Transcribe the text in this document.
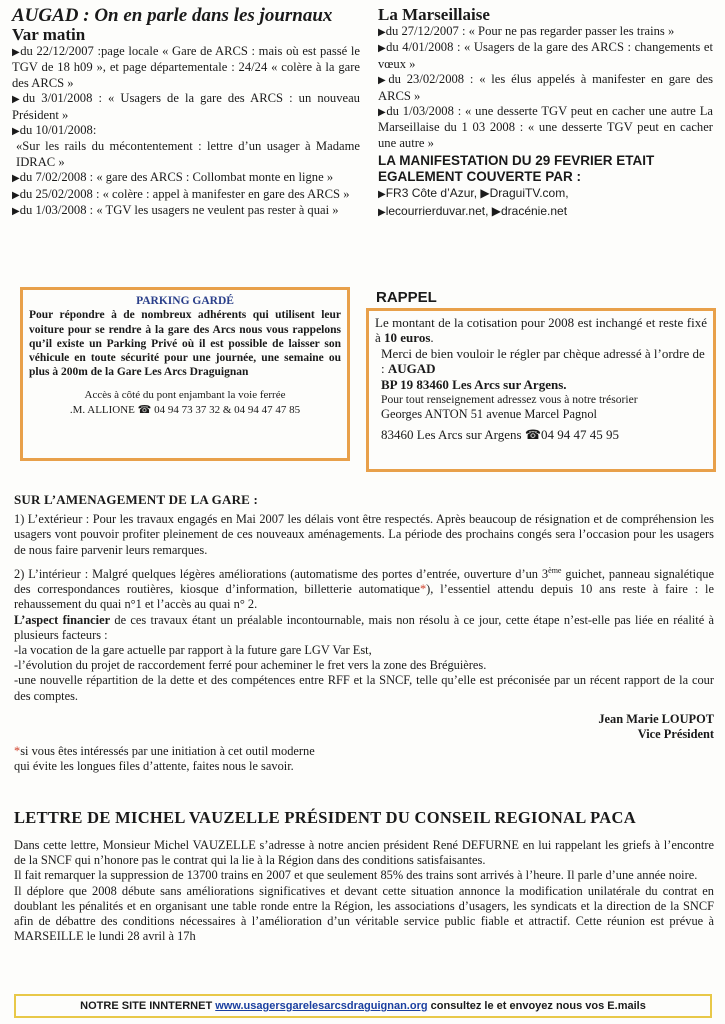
AUGAD : On en parle dans les journaux
Var matin

▶du 22/12/2007 :page locale « Gare de ARCS : mais où est passé le TGV de 18 h09 », et page départementale : 24/24 « colère à la gare des ARCS »

▶du 3/01/2008 : « Usagers de la gare des ARCS : un nouveau Président »

▶du 10/01/2008:

«Sur les rails du mécontentement : lettre d’un usager à Madame IDRAC »

▶du 7/02/2008 : « gare des ARCS : Collombat monte en ligne »

▶du 25/02/2008 : « colère : appel à manifester en gare des ARCS »

▶du 1/03/2008 : « TGV les usagers ne veulent pas rester à quai »

La Marseillaise

▶du 27/12/2007 : « Pour ne pas regarder passer les trains »

▶du 4/01/2008 : « Usagers de la gare des ARCS : changements et vœux »

▶du 23/02/2008 : « les élus appelés à manifester en gare des ARCS »

▶du 1/03/2008 : « une desserte TGV peut en cacher une autre La Marseillaise du 1 03 2008 : « une desserte TGV peut en cacher une autre »

LA MANIFESTATION DU 29 FEVRIER ETAIT EGALEMENT COUVERTE PAR :

▶FR3 Côte d’Azur, ▶DraguiTV.com,
▶lecourrierduvar.net, ▶dracénie.net
PARKING GARDÉ
Pour répondre à de nombreux adhérents qui utilisent leur voiture pour se rendre à la gare des Arcs nous vous rappelons qu’il existe un Parking Privé où il est possible de laisser son véhicule en toute sécurité pour une journée, une semaine ou plus à 200m de la Gare Les Arcs Draguignan
Accès à côté du pont enjambant la voie ferrée
.M. ALLIONE ☎ 04 94 73 37 32 & 04 94 47 47 85
RAPPEL

Le montant de la cotisation pour 2008 est inchangé et reste fixé à 10 euros.

Merci de bien vouloir le régler par chèque adressé à l’ordre de : AUGAD

BP 19 83460 Les Arcs sur Argens.

Pour tout renseignement adressez vous à notre trésorier

Georges ANTON 51 avenue Marcel Pagnol

83460 Les Arcs sur Argens ☎04 94 47 45 95

SUR L’AMENAGEMENT DE LA GARE :

1) L’extérieur : Pour les travaux engagés en Mai 2007 les délais vont être respectés. Après beaucoup de résignation et de compréhension les usagers vont pouvoir profiter pleinement de ces nouveaux aménagements. La période des prochains congés sera l’occasion pour les usagers de nous faire parvenir leurs remarques.

2) L’intérieur : Malgré quelques légères améliorations (automatisme des portes d’entrée, ouverture d’un 3ème guichet, panneau signalétique des correspondances routières, kiosque d’information, billetterie automatique*), l’essentiel attendu depuis 10 ans reste à faire : le rehaussement du quai n°1 et l’accès au quai n° 2.

L’aspect financier de ces travaux étant un préalable incontournable, mais non résolu à ce jour, cette étape n’est-elle pas liée en réalité à plusieurs facteurs :

-la vocation de la gare actuelle par rapport à la future gare LGV Var Est,

-l’évolution du projet de raccordement ferré pour acheminer le fret vers la zone des Bréguières.

-une nouvelle répartition de la dette et des compétences entre RFF et la SNCF, telle qu’elle est préconisée par un récent rapport de la cour des comptes.

Jean Marie LOUPOT

Vice Président

*si vous êtes intéressés par une initiation à cet outil moderne

qui évite les longues files d’attente, faites nous le savoir.

LETTRE DE MICHEL VAUZELLE PRÉSIDENT DU CONSEIL REGIONAL PACA

Dans cette lettre, Monsieur Michel VAUZELLE s’adresse à notre ancien président René DEFURNE en lui rappelant les griefs à l’encontre de la SNCF qui n’honore pas le contrat qui la lie à la Région dans des conditions satisfaisantes.

Il fait remarquer la suppression de 13700 trains en 2007 et que seulement 85% des trains sont arrivés à l’heure. Il parle d’une année noire.

Il déplore que 2008 débute sans améliorations significatives et devant cette situation annonce la modification unilatérale du contrat en doublant les pénalités et en organisant une table ronde entre la Région, les associations d’usagers, les syndicats et la direction de la SNCF afin de débattre des conditions nécessaires à l’amélioration d’un véritable service public fiable et attractif. Cette réunion est prévue à MARSEILLE le lundi 28 avril à 17h

NOTRE SITE INNTERNET www.usagersgarelesarcsdraguignan.org consultez le et envoyez nous vos E.mails
